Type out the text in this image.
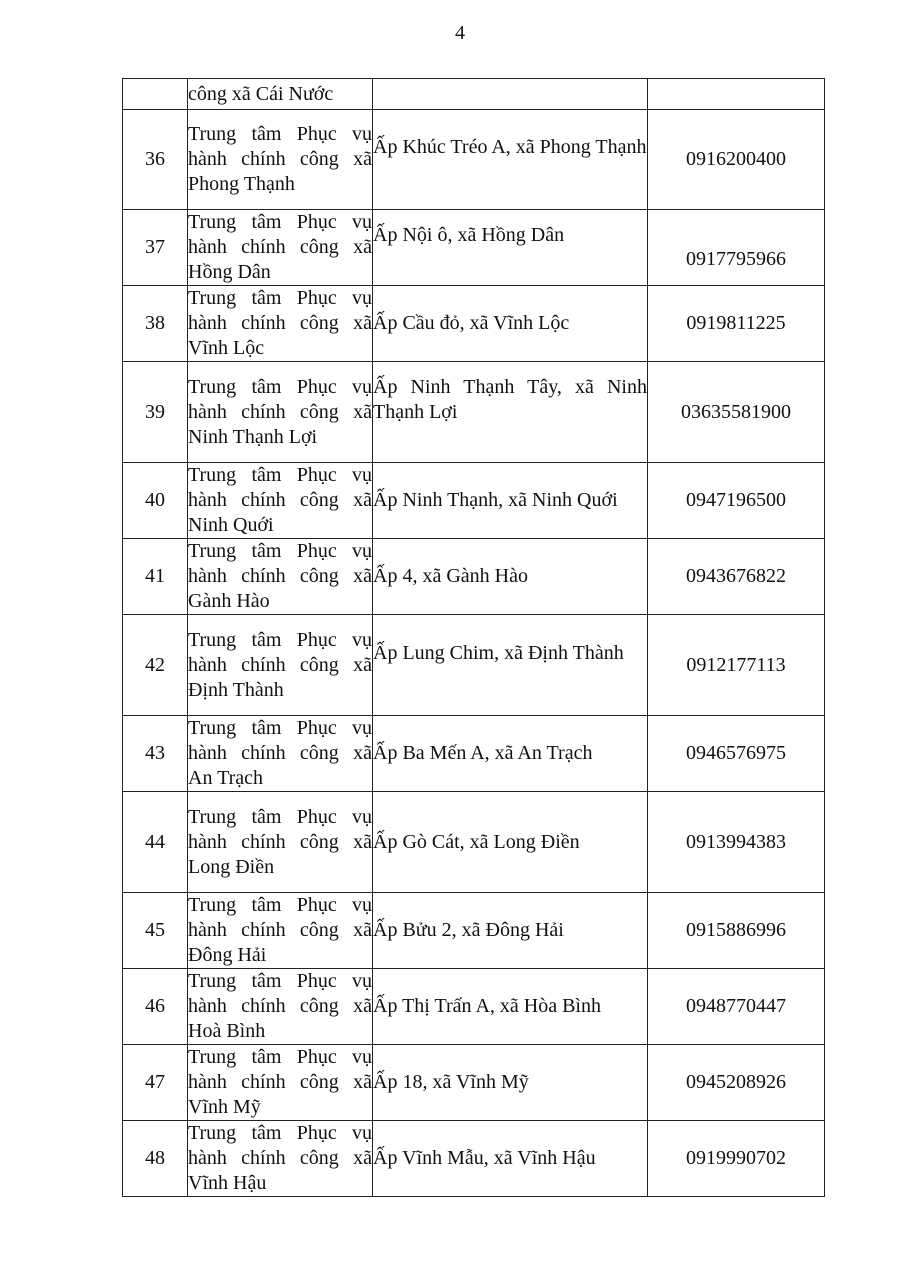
4
	công xã Cái Nước		
36	Trung tâm Phục vụ hành chính công xã Phong Thạnh	Ấp Khúc Tréo A, xã Phong Thạnh	0916200400
37	Trung tâm Phục vụ hành chính công xã Hồng Dân	Ấp Nội ô, xã Hồng Dân	0917795966

38	Trung tâm Phục vụ hành chính công xã Vĩnh Lộc	Ấp Cầu đỏ, xã Vĩnh Lộc	0919811225
39	Trung tâm Phục vụ hành chính công xã Ninh Thạnh Lợi	Ấp Ninh Thạnh Tây, xã Ninh Thạnh Lợi	03635581900
40	Trung tâm Phục vụ hành chính công xã Ninh Quới	Ấp Ninh Thạnh, xã Ninh Quới	0947196500
41	Trung tâm Phục vụ hành chính công xã Gành Hào	Ấp 4, xã Gành Hào	0943676822
42	Trung tâm Phục vụ hành chính công xã Định Thành	Ấp Lung Chim, xã Định Thành	0912177113
43	Trung tâm Phục vụ hành chính công xã An Trạch	Ấp Ba Mến A, xã An Trạch	0946576975
44	Trung tâm Phục vụ hành chính công xã Long Điền	Ấp Gò Cát, xã Long Điền	0913994383
45	Trung tâm Phục vụ hành chính công xã Đông Hải	Ấp Bửu 2, xã Đông Hải	0915886996
46	Trung tâm Phục vụ hành chính công xã Hoà Bình	Ấp Thị Trấn A, xã Hòa Bình	0948770447
47	Trung tâm Phục vụ hành chính công xã Vĩnh Mỹ	Ấp 18, xã Vĩnh Mỹ	0945208926
48	Trung tâm Phục vụ hành chính công xã Vĩnh Hậu	Ấp Vĩnh Mẫu, xã Vĩnh Hậu	0919990702
